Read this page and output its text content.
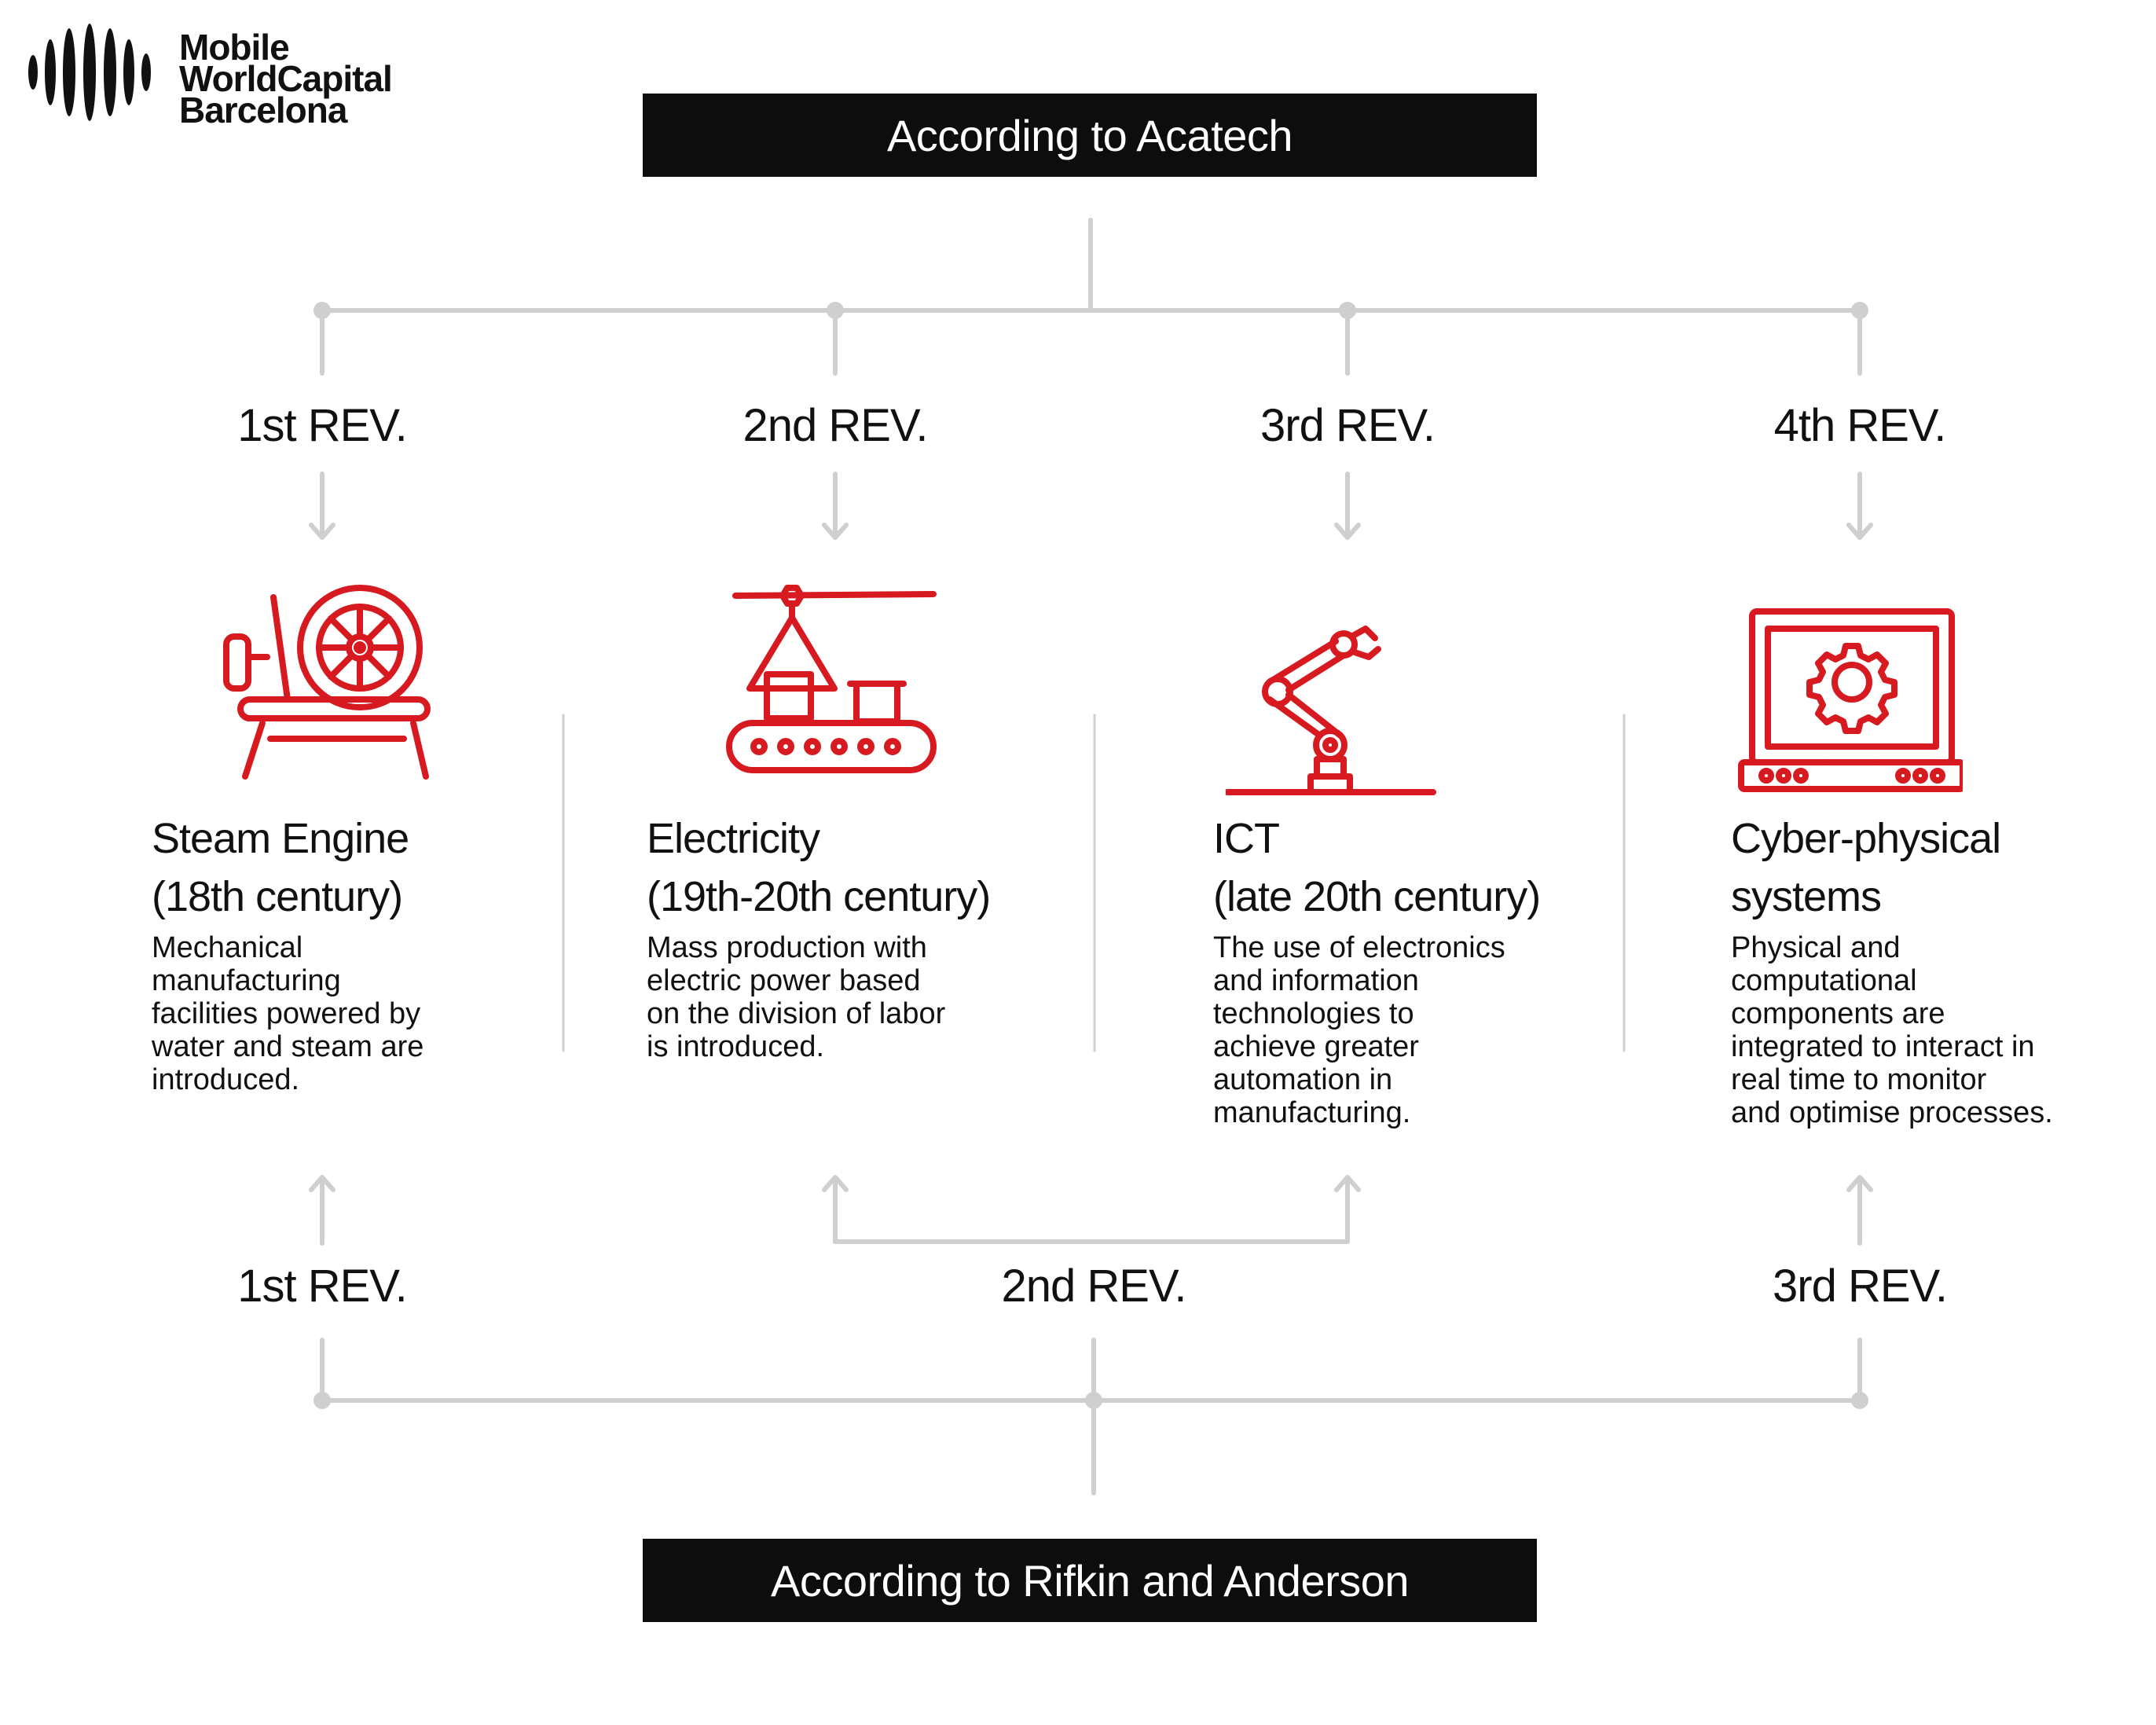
Mobile
WorldCapital
Barcelona
According to Acatech
According to Rifkin and Anderson
1st REV.	2nd REV.	3rd REV.	4th REV.
1st REV.	2nd REV.	3rd REV.
Steam Engine
(18th century)
Electricity
(19th-20th century)
ICT
(late 20th century)
Cyber-physical
systems
Mechanical
manufacturing
facilities powered by
water and steam are
introduced.
Mass production with
electric power based
on the division of labor
is introduced.
The use of electronics
and information
technologies to
achieve greater
automation in
manufacturing.
Physical and
computational
components are
integrated to interact in
real time to monitor
and optimise processes.
